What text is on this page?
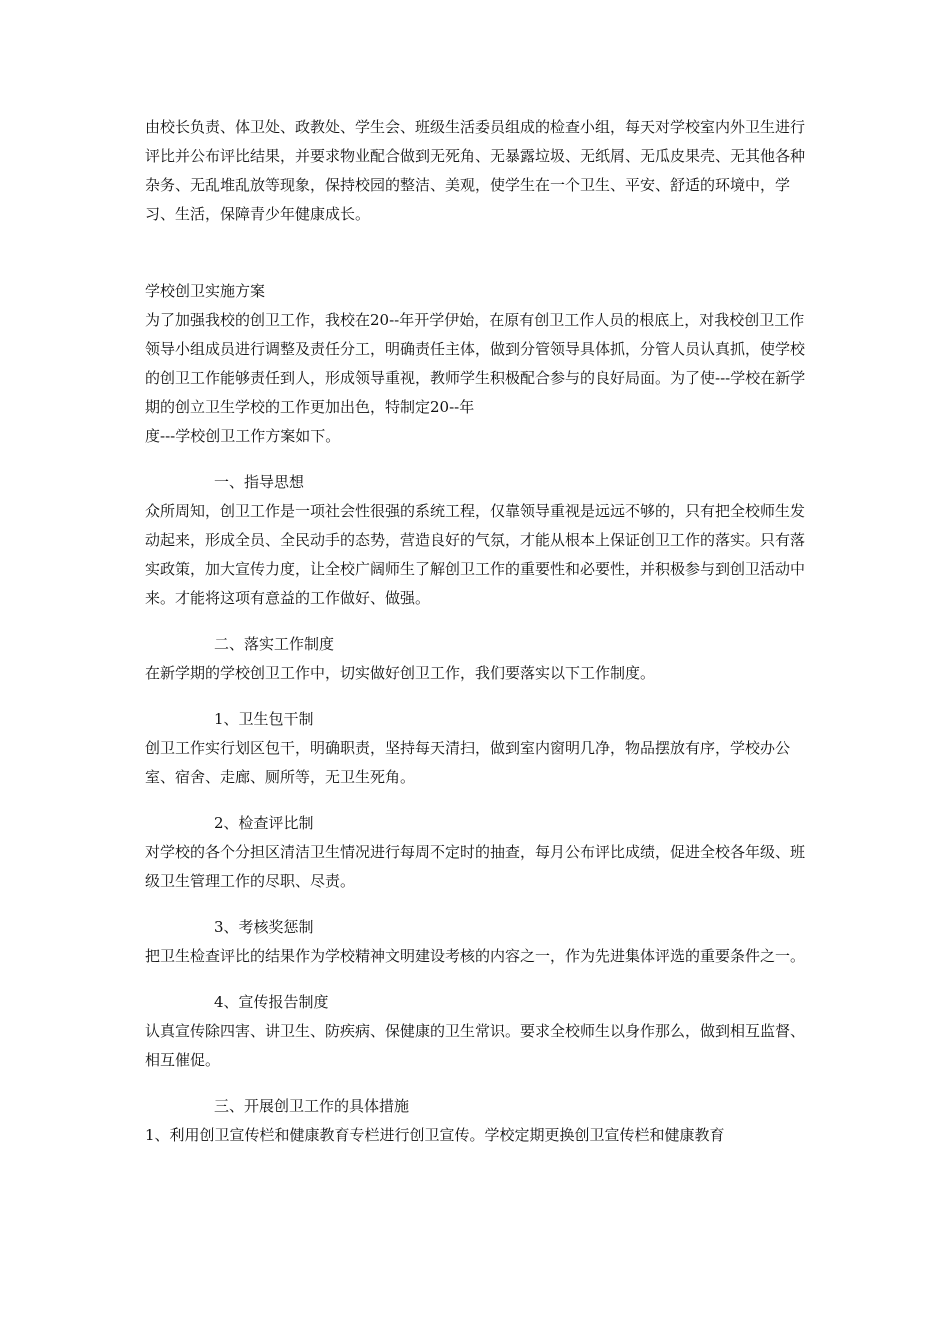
由校长负责、体卫处、政教处、学生会、班级生活委员组成的检查小组，每天对学校室内外卫生进行评比并公布评比结果，并要求物业配合做到无死角、无暴露垃圾、无纸屑、无瓜皮果壳、无其他各种杂务、无乱堆乱放等现象，保持校园的整洁、美观，使学生在一个卫生、平安、舒适的环境中，学习、生活，保障青少年健康成长。

学校创卫实施方案

为了加强我校的创卫工作，我校在20--年开学伊始，在原有创卫工作人员的根底上，对我校创卫工作领导小组成员进行调整及责任分工，明确责任主体，做到分管领导具体抓，分管人员认真抓，使学校的创卫工作能够责任到人，形成领导重视，教师学生积极配合参与的良好局面。为了使---学校在新学期的创立卫生学校的工作更加出色，特制定20--年

度---学校创卫工作方案如下。

一、指导思想

众所周知，创卫工作是一项社会性很强的系统工程，仅靠领导重视是远远不够的，只有把全校师生发动起来，形成全员、全民动手的态势，营造良好的气氛，才能从根本上保证创卫工作的落实。只有落实政策，加大宣传力度，让全校广阔师生了解创卫工作的重要性和必要性，并积极参与到创卫活动中来。才能将这项有意益的工作做好、做强。

二、落实工作制度

在新学期的学校创卫工作中，切实做好创卫工作，我们要落实以下工作制度。

1、卫生包干制

创卫工作实行划区包干，明确职责，坚持每天清扫，做到室内窗明几净，物品摆放有序，学校办公室、宿舍、走廊、厕所等，无卫生死角。

2、检查评比制

对学校的各个分担区清洁卫生情况进行每周不定时的抽查，每月公布评比成绩，促进全校各年级、班级卫生管理工作的尽职、尽责。

3、考核奖惩制

把卫生检查评比的结果作为学校精神文明建设考核的内容之一，作为先进集体评选的重要条件之一。

4、宣传报告制度

认真宣传除四害、讲卫生、防疾病、保健康的卫生常识。要求全校师生以身作那么，做到相互监督、相互催促。

三、开展创卫工作的具体措施

1、利用创卫宣传栏和健康教育专栏进行创卫宣传。学校定期更换创卫宣传栏和健康教育
